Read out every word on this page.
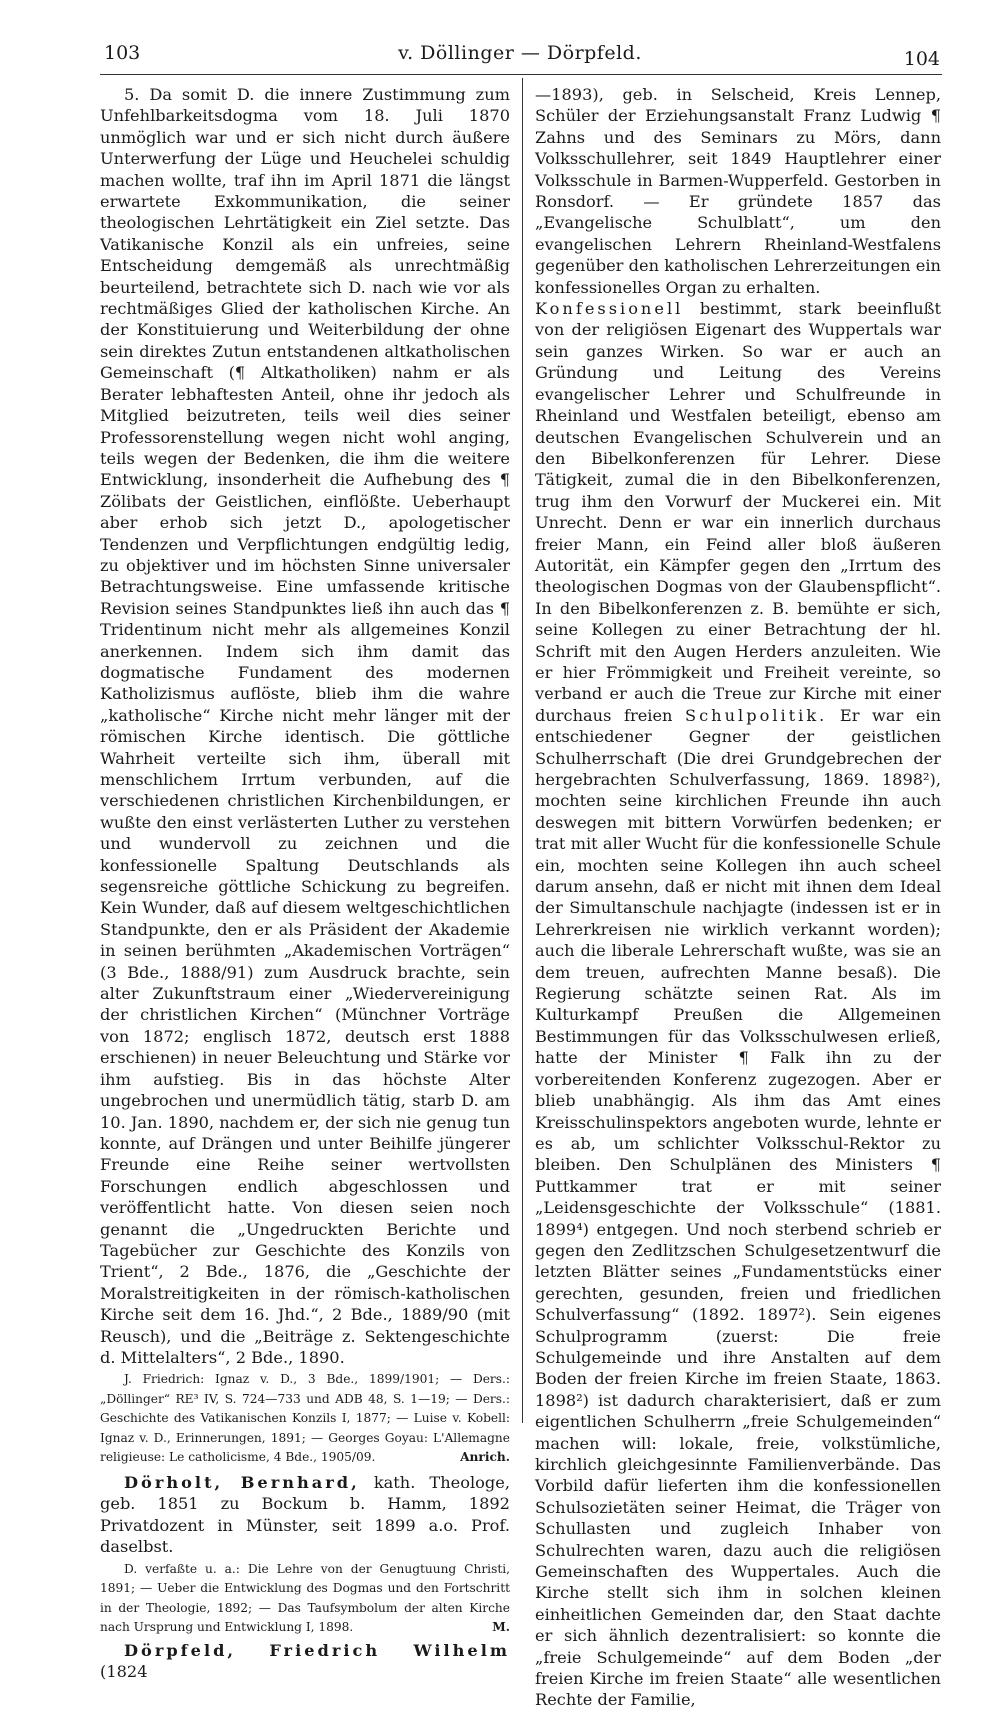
103	v. Döllinger — Dörpfeld.	104

5. Da somit D. die innere Zustimmung zum Unfehlbarkeitsdogma vom 18. Juli 1870 unmöglich war und er sich nicht durch äußere Unterwerfung der Lüge und Heuchelei schuldig machen wollte, traf ihn im April 1871 die längst erwartete Exkommunikation, die seiner theologischen Lehrtätigkeit ein Ziel setzte. Das Vatikanische Konzil als ein unfreies, seine Entscheidung demgemäß als unrechtmäßig beurteilend, betrachtete sich D. nach wie vor als rechtmäßiges Glied der katholischen Kirche. An der Konstituierung und Weiterbildung der ohne sein direktes Zutun entstandenen altkatholischen Gemeinschaft (¶ Altkatholiken) nahm er als Berater lebhaftesten Anteil, ohne ihr jedoch als Mitglied beizutreten, teils weil dies seiner Professorenstellung wegen nicht wohl anging, teils wegen der Bedenken, die ihm die weitere Entwicklung, insonderheit die Aufhebung des ¶ Zölibats der Geistlichen, einflößte. Ueberhaupt aber erhob sich jetzt D., apologetischer Tendenzen und Verpflichtungen endgültig ledig, zu objektiver und im höchsten Sinne universaler Betrachtungsweise. Eine umfassende kritische Revision seines Standpunktes ließ ihn auch das ¶ Tridentinum nicht mehr als allgemeines Konzil anerkennen. Indem sich ihm damit das dogmatische Fundament des modernen Katholizismus auflöste, blieb ihm die wahre „katholische“ Kirche nicht mehr länger mit der römischen Kirche identisch. Die göttliche Wahrheit verteilte sich ihm, überall mit menschlichem Irrtum verbunden, auf die verschiedenen christlichen Kirchenbildungen, er wußte den einst verlästerten Luther zu verstehen und wundervoll zu zeichnen und die konfessionelle Spaltung Deutschlands als segensreiche göttliche Schickung zu begreifen. Kein Wunder, daß auf diesem weltgeschichtlichen Standpunkte, den er als Präsident der Akademie in seinen berühmten „Akademischen Vorträgen“ (3 Bde., 1888/91) zum Ausdruck brachte, sein alter Zukunftstraum einer „Wiedervereinigung der christlichen Kirchen“ (Münchner Vorträge von 1872; englisch 1872, deutsch erst 1888 erschienen) in neuer Beleuchtung und Stärke vor ihm aufstieg. Bis in das höchste Alter ungebrochen und unermüdlich tätig, starb D. am 10. Jan. 1890, nachdem er, der sich nie genug tun konnte, auf Drängen und unter Beihilfe jüngerer Freunde eine Reihe seiner wertvollsten Forschungen endlich abgeschlossen und veröffentlicht hatte. Von diesen seien noch genannt die „Ungedruckten Berichte und Tagebücher zur Geschichte des Konzils von Trient“, 2 Bde., 1876, die „Geschichte der Moralstreitigkeiten in der römisch-katholischen Kirche seit dem 16. Jhd.“, 2 Bde., 1889/90 (mit Reusch), und die „Beiträge z. Sektengeschichte d. Mittelalters“, 2 Bde., 1890.

J. Friedrich: Ignaz v. D., 3 Bde., 1899/1901; — Ders.: „Döllinger“ RE³ IV, S. 724—733 und ADB 48, S. 1—19; — Ders.: Geschichte des Vatikanischen Konzils I, 1877; — Luise v. Kobell: Ignaz v. D., Erinnerungen, 1891; — Georges Goyau: L'Allemagne religieuse: Le catholicisme, 4 Bde., 1905/09.	Anrich.

Dörholt, Bernhard, kath. Theologe, geb. 1851 zu Bockum b. Hamm, 1892 Privatdozent in Münster, seit 1899 a.o. Prof. daselbst.

D. verfaßte u. a.: Die Lehre von der Genugtuung Christi, 1891; — Ueber die Entwicklung des Dogmas und den Fortschritt in der Theologie, 1892; — Das Taufsymbolum der alten Kirche nach Ursprung und Entwicklung I, 1898.	M.

Dörpfeld, Friedrich Wilhelm (1824

—1893), geb. in Selscheid, Kreis Lennep, Schüler der Erziehungsanstalt Franz Ludwig ¶ Zahns und des Seminars zu Mörs, dann Volksschullehrer, seit 1849 Hauptlehrer einer Volksschule in Barmen-Wupperfeld. Gestorben in Ronsdorf. — Er gründete 1857 das „Evangelische Schulblatt“, um den evangelischen Lehrern Rheinland-Westfalens gegenüber den katholischen Lehrerzeitungen ein konfessionelles Organ zu erhalten.

Konfessionell bestimmt, stark beeinflußt von der religiösen Eigenart des Wuppertals war sein ganzes Wirken. So war er auch an Gründung und Leitung des Vereins evangelischer Lehrer und Schulfreunde in Rheinland und Westfalen beteiligt, ebenso am deutschen Evangelischen Schulverein und an den Bibelkonferenzen für Lehrer. Diese Tätigkeit, zumal die in den Bibelkonferenzen, trug ihm den Vorwurf der Muckerei ein. Mit Unrecht. Denn er war ein innerlich durchaus freier Mann, ein Feind aller bloß äußeren Autorität, ein Kämpfer gegen den „Irrtum des theologischen Dogmas von der Glaubenspflicht“. In den Bibelkonferenzen z. B. bemühte er sich, seine Kollegen zu einer Betrachtung der hl. Schrift mit den Augen Herders anzuleiten. Wie er hier Frömmigkeit und Freiheit vereinte, so verband er auch die Treue zur Kirche mit einer durchaus freien Schulpolitik. Er war ein entschiedener Gegner der geistlichen Schulherrschaft (Die drei Grundgebrechen der hergebrachten Schulverfassung, 1869. 1898²), mochten seine kirchlichen Freunde ihn auch deswegen mit bittern Vorwürfen bedenken; er trat mit aller Wucht für die konfessionelle Schule ein, mochten seine Kollegen ihn auch scheel darum ansehn, daß er nicht mit ihnen dem Ideal der Simultanschule nachjagte (indessen ist er in Lehrerkreisen nie wirklich verkannt worden); auch die liberale Lehrerschaft wußte, was sie an dem treuen, aufrechten Manne besaß). Die Regierung schätzte seinen Rat. Als im Kulturkampf Preußen die Allgemeinen Bestimmungen für das Volksschulwesen erließ, hatte der Minister ¶ Falk ihn zu der vorbereitenden Konferenz zugezogen. Aber er blieb unabhängig. Als ihm das Amt eines Kreisschulinspektors angeboten wurde, lehnte er es ab, um schlichter Volksschul-Rektor zu bleiben. Den Schulplänen des Ministers ¶ Puttkammer trat er mit seiner „Leidensgeschichte der Volksschule“ (1881. 1899⁴) entgegen. Und noch sterbend schrieb er gegen den Zedlitzschen Schulgesetzentwurf die letzten Blätter seines „Fundamentstücks einer gerechten, gesunden, freien und friedlichen Schulverfassung“ (1892. 1897²). Sein eigenes Schulprogramm (zuerst: Die freie Schulgemeinde und ihre Anstalten auf dem Boden der freien Kirche im freien Staate, 1863. 1898²) ist dadurch charakterisiert, daß er zum eigentlichen Schulherrn „freie Schulgemeinden“ machen will: lokale, freie, volkstümliche, kirchlich gleichgesinnte Familienverbände. Das Vorbild dafür lieferten ihm die konfessionellen Schulsozietäten seiner Heimat, die Träger von Schullasten und zugleich Inhaber von Schulrechten waren, dazu auch die religiösen Gemeinschaften des Wuppertales. Auch die Kirche stellt sich ihm in solchen kleinen einheitlichen Gemeinden dar, den Staat dachte er sich ähnlich dezentralisiert: so konnte die „freie Schulgemeinde“ auf dem Boden „der freien Kirche im freien Staate“ alle wesentlichen Rechte der Familie,
